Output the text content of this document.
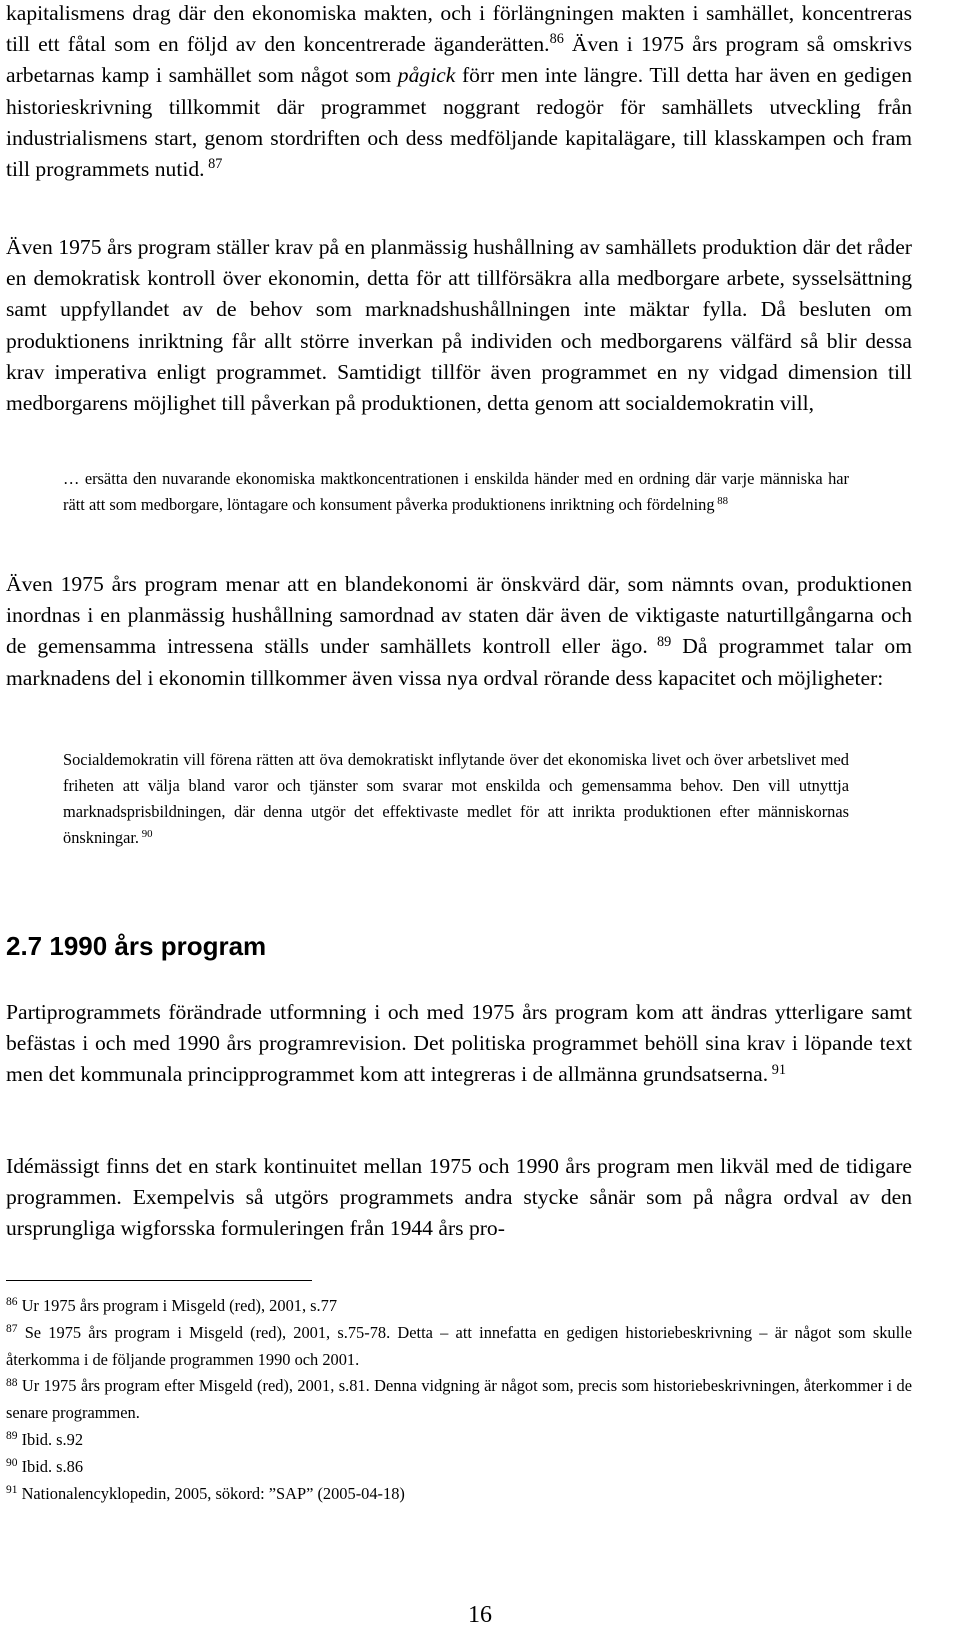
kapitalismens drag där den ekonomiska makten, och i förlängningen makten i samhället, koncentreras till ett fåtal som en följd av den koncentrerade äganderätten.$^{86}$ Även i 1975 års program så omskrivs arbetarnas kamp i samhället som något som pågick förr men inte längre. Till detta har även en gedigen historieskrivning tillkommit där programmet noggrant redogör för samhällets utveckling från industrialismens start, genom stordriften och dess medföljande kapitalägare, till klasskampen och fram till programmets nutid. $^{87}$

Även 1975 års program ställer krav på en planmässig hushållning av samhällets produktion där det råder en demokratisk kontroll över ekonomin, detta för att tillförsäkra alla medborgare arbete, sysselsättning samt uppfyllandet av de behov som marknadshushållningen inte mäktar fylla. Då besluten om produktionens inriktning får allt större inverkan på individen och medborgarens välfärd så blir dessa krav imperativa enligt programmet. Samtidigt tillför även programmet en ny vidgad dimension till medborgarens möjlighet till påverkan på produktionen, detta genom att socialdemokratin vill,

… ersätta den nuvarande ekonomiska maktkoncentrationen i enskilda händer med en ordning där varje människa har rätt att som medborgare, löntagare och konsument påverka produktionens inriktning och fördelning $^{88}$

Även 1975 års program menar att en blandekonomi är önskvärd där, som nämnts ovan, produktionen inordnas i en planmässig hushållning samordnad av staten där även de viktigaste naturtillgångarna och de gemensamma intressena ställs under samhällets kontroll eller ägo. $^{89}$ Då programmet talar om marknadens del i ekonomin tillkommer även vissa nya ordval rörande dess kapacitet och möjligheter:

Socialdemokratin vill förena rätten att öva demokratiskt inflytande över det ekonomiska livet och över arbetslivet med friheten att välja bland varor och tjänster som svarar mot enskilda och gemensamma behov. Den vill utnyttja marknadsprisbildningen, där denna utgör det effektivaste medlet för att inrikta produktionen efter människornas önskningar. $^{90}$

2.7 1990 års program

Partiprogrammets förändrade utformning i och med 1975 års program kom att ändras ytterligare samt befästas i och med 1990 års programrevision. Det politiska programmet behöll sina krav i löpande text men det kommunala principprogrammet kom att integreras i de allmänna grundsatserna. $^{91}$

Idémässigt finns det en stark kontinuitet mellan 1975 och 1990 års program men likväl med de tidigare programmen. Exempelvis så utgörs programmets andra stycke sånär som på några ordval av den ursprungliga wigforsska formuleringen från 1944 års pro-

$^{86}$ Ur 1975 års program i Misgeld (red), 2001, s.77

$^{87}$ Se 1975 års program i Misgeld (red), 2001, s.75-78. Detta – att innefatta en gedigen historiebeskrivning – är något som skulle återkomma i de följande programmen 1990 och 2001.

$^{88}$ Ur 1975 års program efter Misgeld (red), 2001, s.81. Denna vidgning är något som, precis som historiebeskrivningen, återkommer i de senare programmen.

$^{89}$ Ibid. s.92

$^{90}$ Ibid. s.86

$^{91}$ Nationalencyklopedin, 2005, sökord: ”SAP” (2005-04-18)

16
